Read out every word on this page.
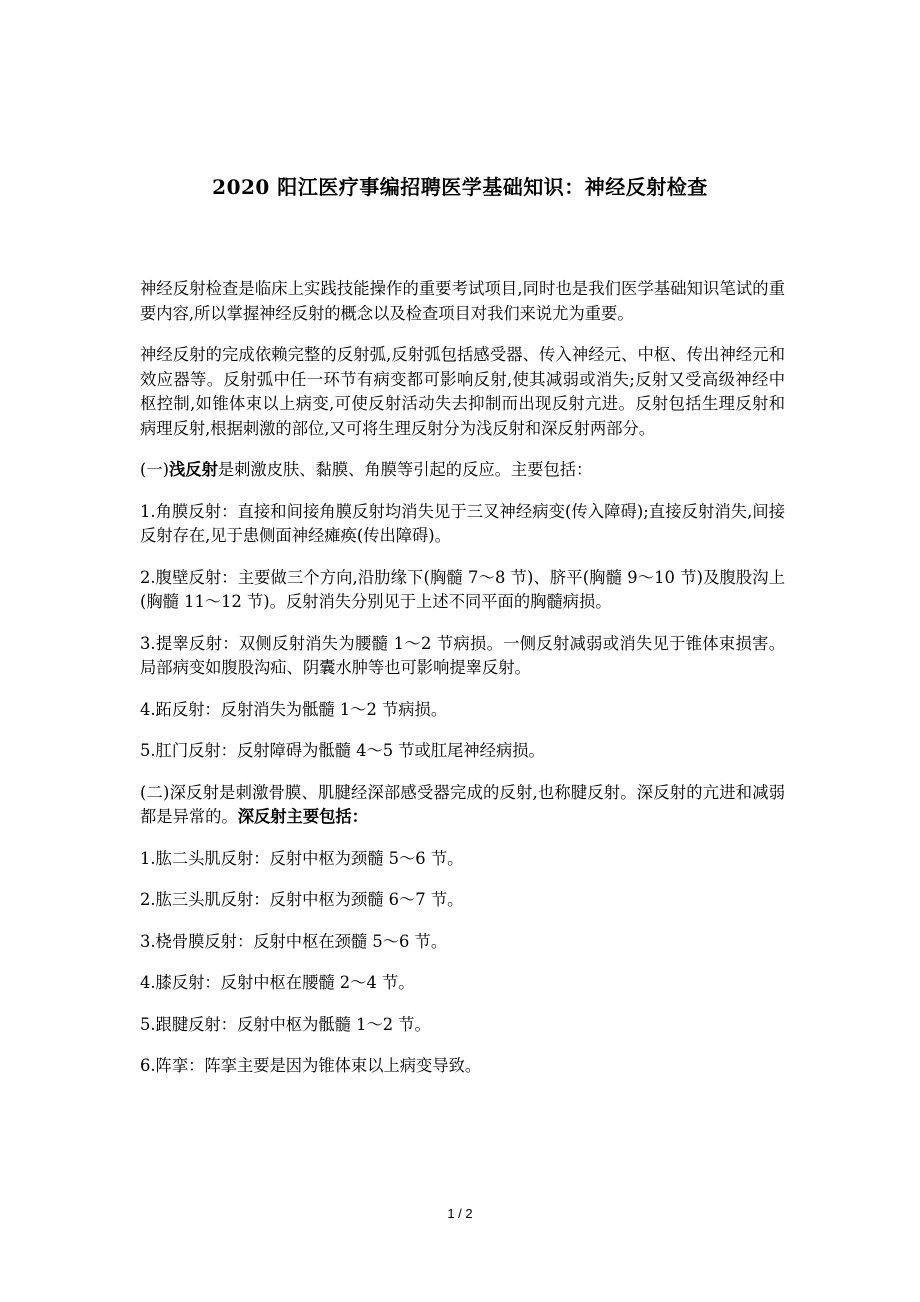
2020 阳江医疗事编招聘医学基础知识：神经反射检查

神经反射检查是临床上实践技能操作的重要考试项目,同时也是我们医学基础知识笔试的重要内容,所以掌握神经反射的概念以及检查项目对我们来说尤为重要。

神经反射的完成依赖完整的反射弧,反射弧包括感受器、传入神经元、中枢、传出神经元和效应器等。反射弧中任一环节有病变都可影响反射,使其减弱或消失;反射又受高级神经中枢控制,如锥体束以上病变,可使反射活动失去抑制而出现反射亢进。反射包括生理反射和病理反射,根据刺激的部位,又可将生理反射分为浅反射和深反射两部分。

(一)浅反射是刺激皮肤、黏膜、角膜等引起的反应。主要包括：

1.角膜反射：直接和间接角膜反射均消失见于三叉神经病变(传入障碍);直接反射消失,间接反射存在,见于患侧面神经瘫痪(传出障碍)。

2.腹壁反射：主要做三个方向,沿肋缘下(胸髓 7～8 节)、脐平(胸髓 9～10 节)及腹股沟上(胸髓 11～12 节)。反射消失分别见于上述不同平面的胸髓病损。

3.提睾反射：双侧反射消失为腰髓 1～2 节病损。一侧反射减弱或消失见于锥体束损害。局部病变如腹股沟疝、阴囊水肿等也可影响提睾反射。

4.跖反射：反射消失为骶髓 1～2 节病损。

5.肛门反射：反射障碍为骶髓 4～5 节或肛尾神经病损。

(二)深反射是刺激骨膜、肌腱经深部感受器完成的反射,也称腱反射。深反射的亢进和减弱都是异常的。深反射主要包括：

1.肱二头肌反射：反射中枢为颈髓 5～6 节。

2.肱三头肌反射：反射中枢为颈髓 6～7 节。

3.桡骨膜反射：反射中枢在颈髓 5～6 节。

4.膝反射：反射中枢在腰髓 2～4 节。

5.跟腱反射：反射中枢为骶髓 1～2 节。

6.阵挛：阵挛主要是因为锥体束以上病变导致。

1 / 2
